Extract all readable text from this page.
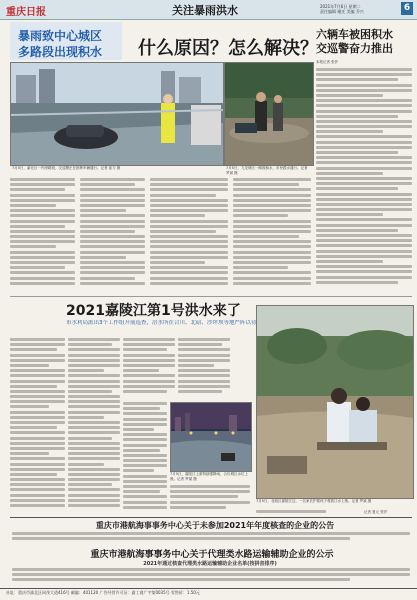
重庆日报	关注暴雨洪水	2021年7月6日 星期二
责任编辑 谢迁 美编 乔兴	6
暴雨致中心城区
多路段出现积水 什么原因？怎么解决？
六辆车被困积水
交巡警奋力推出
7月5日，渝北区一内涝路段，交巡警正在指挥车辆通行。记者 崔力 摄	7月5日，九龙坡区一路段积水，市民蹚水通行。记者 罗斌 摄
本报记者 张莎
2021嘉陵江第1号洪水来了
市水利局派出3个工作组开展巡查，涪水所在合川、北碚、沙坪坝等地严阵以待
7月5日，嘉陵江上游持续强降雨，合川城区水位上涨。记者 罗斌 摄
7月5日，北碚区嘉陵江边，一名家长护着孩子观看江水上涨。记者 罗斌 摄
记者 夏元 张莎
重庆市港航海事事务中心关于未参加2021年年度核查的企业的公告
重庆市港航海事事务中心关于代理类水路运输辅助企业的公示
2021年通过核查代理类水路运输辅助企业名单(按拼音排序)
社址：重庆市渝北区同茂大道416号 邮编：401120 广告经营许可证：渝工商广字第0035号 零售价：1.50元
